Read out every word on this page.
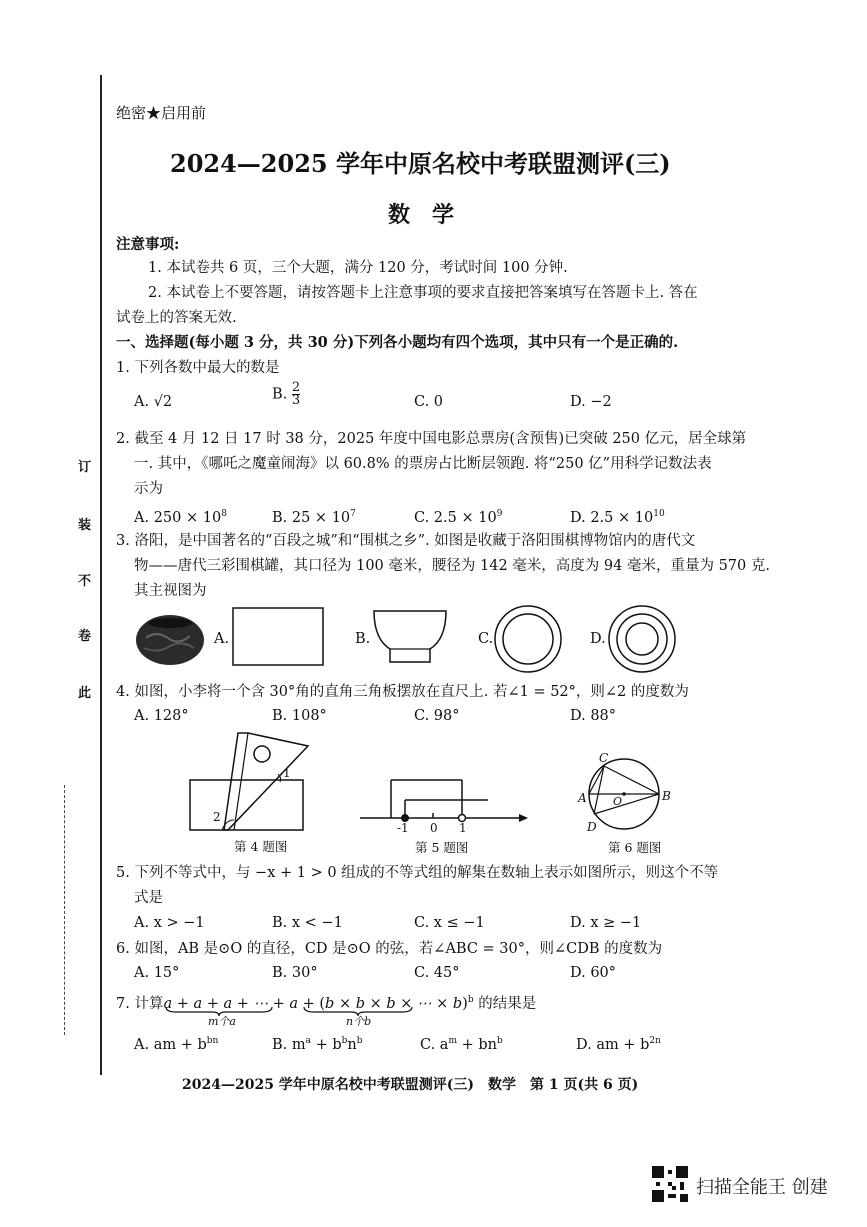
订
装
不
卷
此
绝密★启用前
2024—2025 学年中原名校中考联盟测评(三)
数　学
注意事项:
1. 本试卷共 6 页，三个大题，满分 120 分，考试时间 100 分钟.
2. 本试卷上不要答题，请按答题卡上注意事项的要求直接把答案填写在答题卡上. 答在
试卷上的答案无效.
一、选择题(每小题 3 分，共 30 分)下列各小题均有四个选项，其中只有一个是正确的.
1. 下列各数中最大的数是
A. √2	B. $\frac{2}{3}$	C. 0	D. −2
2. 截至 4 月 12 日 17 时 38 分，2025 年度中国电影总票房(含预售)已突破 250 亿元，居全球第
一. 其中，《哪吒之魔童闹海》以 60.8% 的票房占比断层领跑. 将“250 亿”用科学记数法表
示为
A. $250 \times 10^8$	B. $25 \times 10^7$	C. $2.5 \times 10^9$	D. $2.5 \times 10^{10}$
3. 洛阳，是中国著名的“百段之城”和“围棋之乡”. 如图是收藏于洛阳围棋博物馆内的唐代文
物——唐代三彩围棋罐，其口径为 100 毫米，腰径为 142 毫米，高度为 94 毫米，重量为 570 克.
其主视图为
A.	B.	C.	D.
4. 如图，小李将一个含 30°角的直角三角板摆放在直尺上. 若∠1 = 52°，则∠2 的度数为
A. 128°	B. 108°	C. 98°	D. 88°
1
2
第 4 题图
-1 0 1
第 5 题图
C
A	B
D
O
第 6 题图
5. 下列不等式中，与 −x + 1 > 0 组成的不等式组的解集在数轴上表示如图所示，则这个不等
式是
A. x > −1	B. x < −1	C. x ≤ −1	D. x ≥ −1
6. 如图，AB 是⊙O 的直径，CD 是⊙O 的弦，若∠ABC = 30°，则∠CDB 的度数为
A. 15°	B. 30°	C. 45°	D. 60°
7. 计算a + a + a + ⋯ + a + (b × b × b × ⋯ × b)$^b$ 的结果是
m个a	n个b
A. am + $b^{bn}$	B. $m^a + b^bn^b$	C. $a^m + bn^b$	D. am + $b^{2n}$
2024—2025 学年中原名校中考联盟测评(三)　数学　第 1 页(共 6 页)
扫描全能王 创建
